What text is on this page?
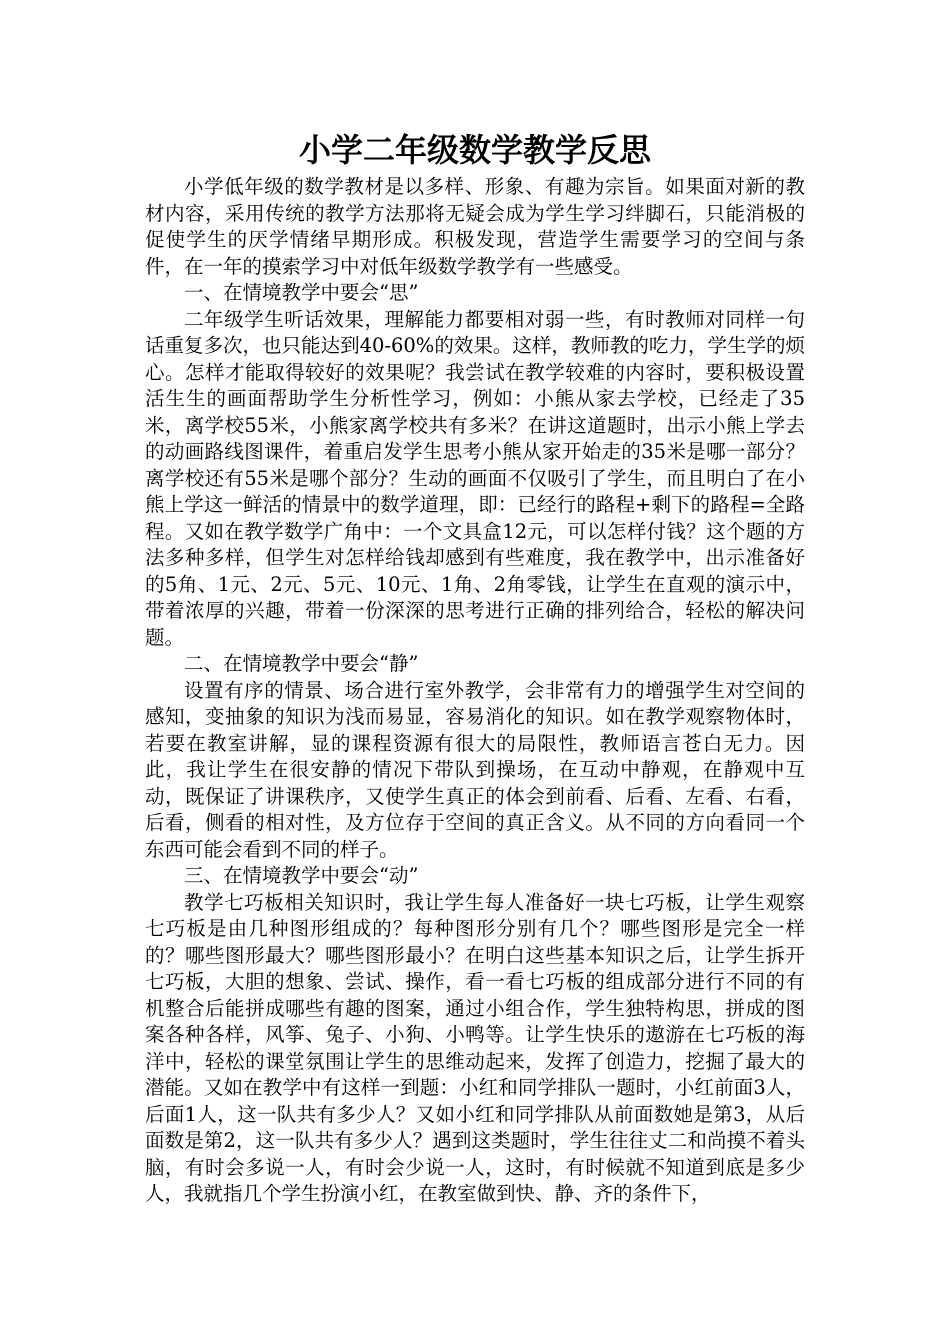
小学二年级数学教学反思

小学低年级的数学教材是以多样、形象、有趣为宗旨。如果面对新的教材内容，采用传统的教学方法那将无疑会成为学生学习绊脚石，只能消极的促使学生的厌学情绪早期形成。积极发现，营造学生需要学习的空间与条件，在一年的摸索学习中对低年级数学教学有一些感受。

一、在情境教学中要会“思”

二年级学生听话效果，理解能力都要相对弱一些，有时教师对同样一句话重复多次，也只能达到40-60%的效果。这样，教师教的吃力，学生学的烦心。怎样才能取得较好的效果呢？我尝试在教学较难的内容时，要积极设置活生生的画面帮助学生分析性学习，例如：小熊从家去学校，已经走了35米，离学校55米，小熊家离学校共有多米？在讲这道题时，出示小熊上学去的动画路线图课件，着重启发学生思考小熊从家开始走的35米是哪一部分？离学校还有55米是哪个部分？生动的画面不仅吸引了学生，而且明白了在小熊上学这一鲜活的情景中的数学道理，即：已经行的路程+剩下的路程=全路程。又如在教学数学广角中：一个文具盒12元，可以怎样付钱？这个题的方法多种多样，但学生对怎样给钱却感到有些难度，我在教学中，出示准备好的5角、1元、2元、5元、10元、1角、2角零钱，让学生在直观的演示中，带着浓厚的兴趣，带着一份深深的思考进行正确的排列给合，轻松的解决问题。

二、在情境教学中要会“静”

设置有序的情景、场合进行室外教学，会非常有力的增强学生对空间的感知，变抽象的知识为浅而易显，容易消化的知识。如在教学观察物体时，若要在教室讲解，显的课程资源有很大的局限性，教师语言苍白无力。因此，我让学生在很安静的情况下带队到操场，在互动中静观，在静观中互动，既保证了讲课秩序，又使学生真正的体会到前看、后看、左看、右看，后看，侧看的相对性，及方位存于空间的真正含义。从不同的方向看同一个东西可能会看到不同的样子。

三、在情境教学中要会“动”

教学七巧板相关知识时，我让学生每人准备好一块七巧板，让学生观察七巧板是由几种图形组成的？每种图形分别有几个？哪些图形是完全一样的？哪些图形最大？哪些图形最小？在明白这些基本知识之后，让学生拆开七巧板，大胆的想象、尝试、操作，看一看七巧板的组成部分进行不同的有机整合后能拼成哪些有趣的图案，通过小组合作，学生独特构思，拼成的图案各种各样，风筝、兔子、小狗、小鸭等。让学生快乐的遨游在七巧板的海洋中，轻松的课堂氛围让学生的思维动起来，发挥了创造力，挖掘了最大的潜能。又如在教学中有这样一到题：小红和同学排队一题时，小红前面3人，后面1人，这一队共有多少人？又如小红和同学排队从前面数她是第3，从后面数是第2，这一队共有多少人？遇到这类题时，学生往往丈二和尚摸不着头脑，有时会多说一人，有时会少说一人，这时，有时候就不知道到底是多少人，我就指几个学生扮演小红，在教室做到快、静、齐的条件下，
